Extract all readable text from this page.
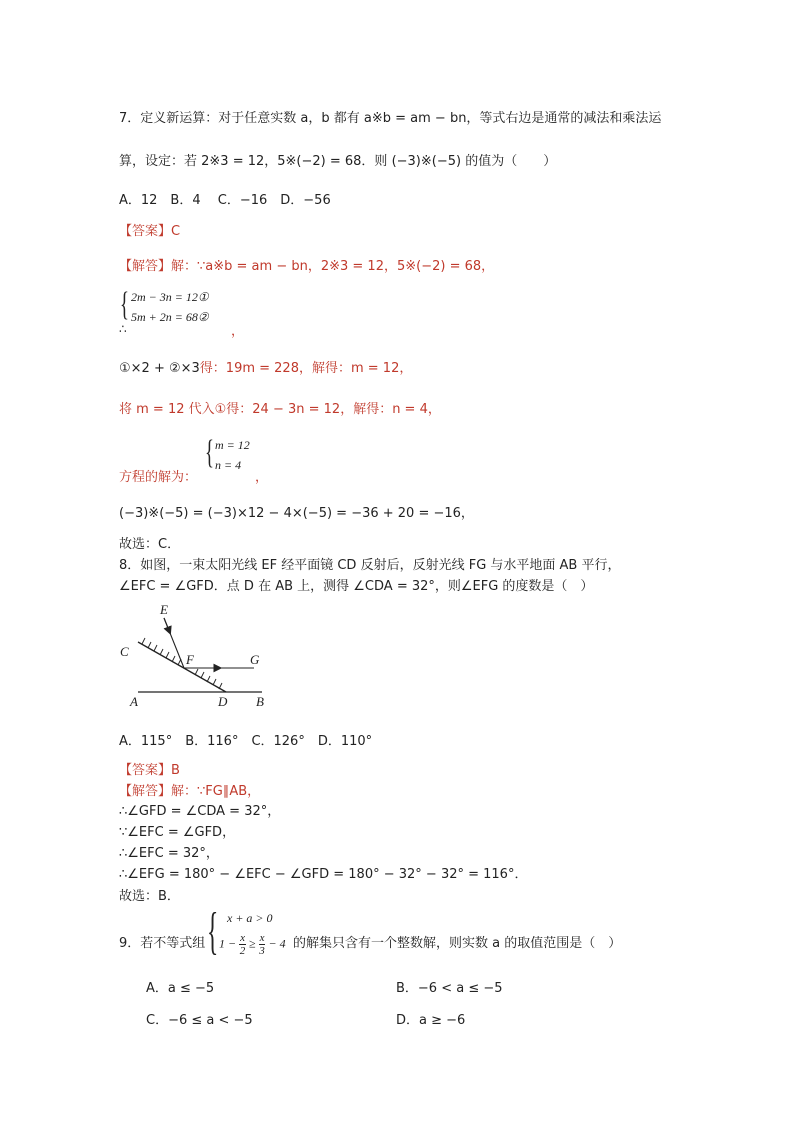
7．定义新运算：对于任意实数 a，b 都有 a※b = am − bn，等式右边是通常的减法和乘法运
算，设定：若 2※3 = 12，5※(−2) = 68．则 (−3)※(−5) 的值为（　　）
A．12　B．4　 C．−16　D．−56
【答案】C
【解答】解：∵a※b = am − bn，2※3 = 12，5※(−2) = 68，
{ 2m − 3n = 12①
5m + 2n = 68②
∴	，
①×2 + ②×3得：19m = 228，解得：m = 12，
将 m = 12 代入①得：24 − 3n = 12，解得：n = 4，
方程的解为：
{ m = 12
n = 4
，
(−3)※(−5) = (−3)×12 − 4×(−5) = −36 + 20 = −16，
故选：C．
8．如图，一束太阳光线 EF 经平面镜 CD 反射后，反射光线 FG 与水平地面 AB 平行，
∠EFC = ∠GFD．点 D 在 AB 上，测得 ∠CDA = 32°，则∠EFG 的度数是（　）
E
C
F	G
A	D B
A．115°　B．116°　C．126°　D．110°
【答案】B
【解答】解：∵FG∥AB，
∴∠GFD = ∠CDA = 32°，
∵∠EFC = ∠GFD，
∴∠EFC = 32°，
∴∠EFG = 180° − ∠EFC − ∠GFD = 180° − 32° − 32° = 116°．
故选：B．
9．若不等式组 { x + a > 0
$1 - \frac{x}{2} \ge \frac{x}{3} - 4$ 的解集只含有一个整数解，则实数 a 的取值范围是（　）
A．a ≤ −5	B．−6 < a ≤ −5
C．−6 ≤ a < −5	D．a ≥ −6
